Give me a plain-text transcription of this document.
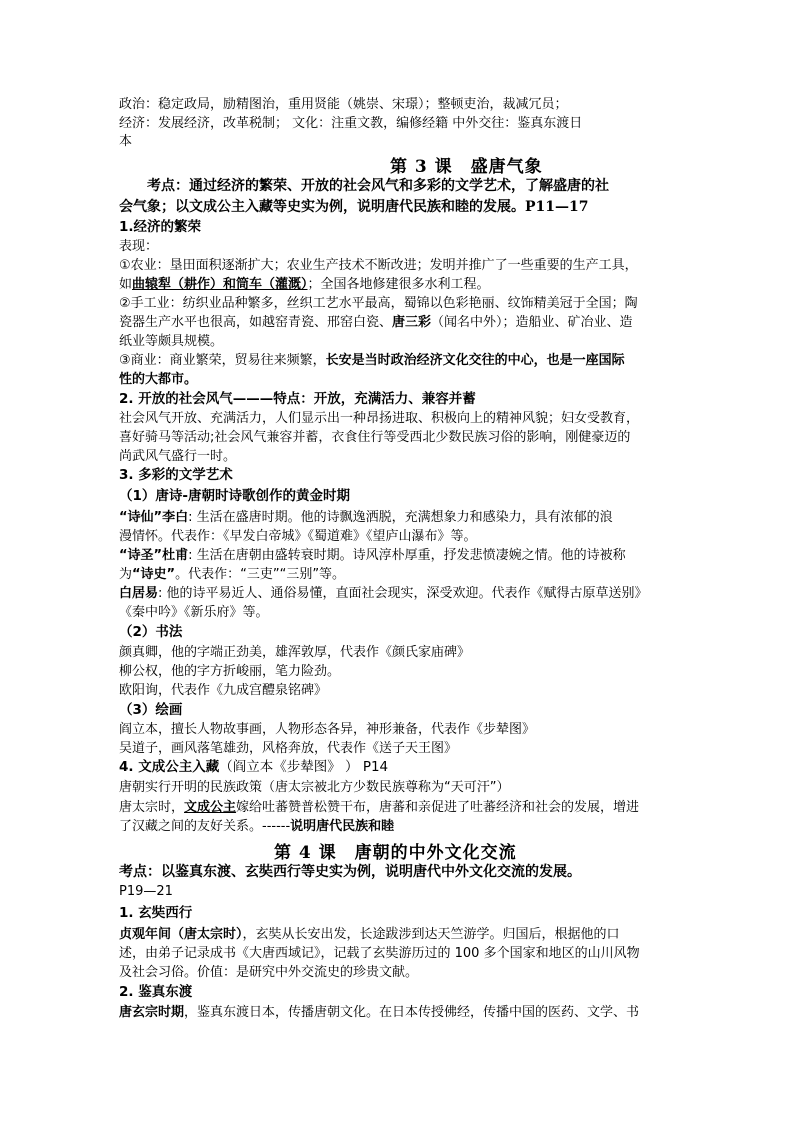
政治：稳定政局，励精图治，重用贤能（姚崇、宋璟）；整顿吏治，裁减冗员；
经济：发展经济，改革税制； 文化：注重文教，编修经籍 中外交往：鉴真东渡日
本
第 3 课　盛唐气象
考点：通过经济的繁荣、开放的社会风气和多彩的文学艺术，了解盛唐的社
会气象；以文成公主入藏等史实为例，说明唐代民族和睦的发展。P11—17
1.经济的繁荣
表现：
①农业：垦田面积逐渐扩大；农业生产技术不断改进；发明并推广了一些重要的生产工具，
如曲辕犁（耕作）和筒车（灌溉）；全国各地修建很多水利工程。
②手工业：纺织业品种繁多，丝织工艺水平最高，蜀锦以色彩艳丽、纹饰精美冠于全国；陶
瓷器生产水平也很高，如越窑青瓷、邢窑白瓷、唐三彩（闻名中外）；造船业、矿冶业、造
纸业等颇具规模。
③商业：商业繁荣，贸易往来频繁，长安是当时政治经济文化交往的中心，也是一座国际
性的大都市。
2. 开放的社会风气———特点：开放，充满活力、兼容并蓄
社会风气开放、充满活力，人们显示出一种昂扬进取、积极向上的精神风貌；妇女受教育，
喜好骑马等活动;社会风气兼容并蓄，衣食住行等受西北少数民族习俗的影响，刚健豪迈的
尚武风气盛行一时。
3. 多彩的文学艺术
（1）唐诗-唐朝时诗歌创作的黄金时期
“诗仙”李白: 生活在盛唐时期。他的诗飘逸洒脱，充满想象力和感染力，具有浓郁的浪
漫情怀。代表作：《早发白帝城》《蜀道难》《望庐山瀑布》等。
“诗圣”杜甫: 生活在唐朝由盛转衰时期。诗风淳朴厚重，抒发悲愤凄婉之情。他的诗被称
为“诗史”。代表作：“三吏”“三别”等。
白居易: 他的诗平易近人、通俗易懂，直面社会现实，深受欢迎。代表作《赋得古原草送别》
《秦中吟》《新乐府》等。
（2）书法
颜真卿，他的字端正劲美，雄浑敦厚，代表作《颜氏家庙碑》
柳公权，他的字方折峻丽，笔力险劲。
欧阳询，代表作《九成宫醴泉铭碑》
（3）绘画
阎立本，擅长人物故事画，人物形态各异，神形兼备，代表作《步辇图》
吴道子，画风落笔雄劲，风格奔放，代表作《送子天王图》
4. 文成公主入藏（阎立本《步辇图》 ） P14
唐朝实行开明的民族政策（唐太宗被北方少数民族尊称为“天可汗”）
唐太宗时，文成公主嫁给吐蕃赞普松赞干布，唐蕃和亲促进了吐蕃经济和社会的发展，增进
了汉藏之间的友好关系。------说明唐代民族和睦
第 4 课　唐朝的中外文化交流
考点：以鉴真东渡、玄奘西行等史实为例，说明唐代中外文化交流的发展。
P19—21
1. 玄奘西行
贞观年间（唐太宗时），玄奘从长安出发，长途跋涉到达天竺游学。归国后，根据他的口
述，由弟子记录成书《大唐西域记》，记载了玄奘游历过的 100 多个国家和地区的山川风物
及社会习俗。价值：是研究中外交流史的珍贵文献。
2. 鉴真东渡
唐玄宗时期，鉴真东渡日本，传播唐朝文化。在日本传授佛经，传播中国的医药、文学、书
